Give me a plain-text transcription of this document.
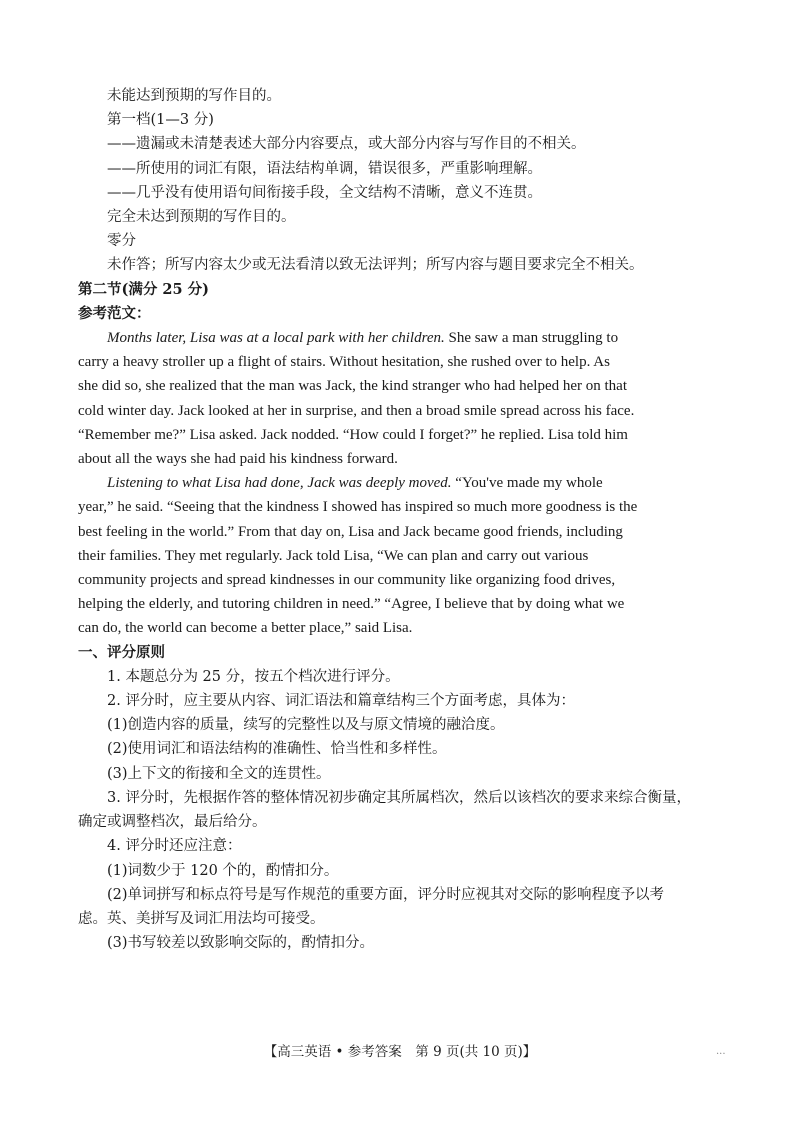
未能达到预期的写作目的。

第一档(1—3 分)

——遗漏或未清楚表述大部分内容要点，或大部分内容与写作目的不相关。

——所使用的词汇有限，语法结构单调，错误很多，严重影响理解。

——几乎没有使用语句间衔接手段，全文结构不清晰，意义不连贯。

完全未达到预期的写作目的。

零分

未作答；所写内容太少或无法看清以致无法评判；所写内容与题目要求完全不相关。

第二节(满分 25 分)

参考范文：

Months later, Lisa was at a local park with her children. She saw a man struggling to

carry a heavy stroller up a flight of stairs. Without hesitation, she rushed over to help. As

she did so, she realized that the man was Jack, the kind stranger who had helped her on that

cold winter day. Jack looked at her in surprise, and then a broad smile spread across his face.

“Remember me?” Lisa asked. Jack nodded. “How could I forget?” he replied. Lisa told him

about all the ways she had paid his kindness forward.

Listening to what Lisa had done, Jack was deeply moved. “You've made my whole

year,” he said. “Seeing that the kindness I showed has inspired so much more goodness is the

best feeling in the world.” From that day on, Lisa and Jack became good friends, including

their families. They met regularly. Jack told Lisa, “We can plan and carry out various

community projects and spread kindnesses in our community like organizing food drives,

helping the elderly, and tutoring children in need.” “Agree, I believe that by doing what we

can do, the world can become a better place,” said Lisa.

一、评分原则

1. 本题总分为 25 分，按五个档次进行评分。

2. 评分时，应主要从内容、词汇语法和篇章结构三个方面考虑，具体为：

(1)创造内容的质量，续写的完整性以及与原文情境的融洽度。

(2)使用词汇和语法结构的准确性、恰当性和多样性。

(3)上下文的衔接和全文的连贯性。

3. 评分时，先根据作答的整体情况初步确定其所属档次，然后以该档次的要求来综合衡量，

确定或调整档次，最后给分。

4. 评分时还应注意：

(1)词数少于 120 个的，酌情扣分。

(2)单词拼写和标点符号是写作规范的重要方面，评分时应视其对交际的影响程度予以考

虑。英、美拼写及词汇用法均可接受。

(3)书写较差以致影响交际的，酌情扣分。

【高三英语 • 参考答案　第 9 页(共 10 页)】	...
